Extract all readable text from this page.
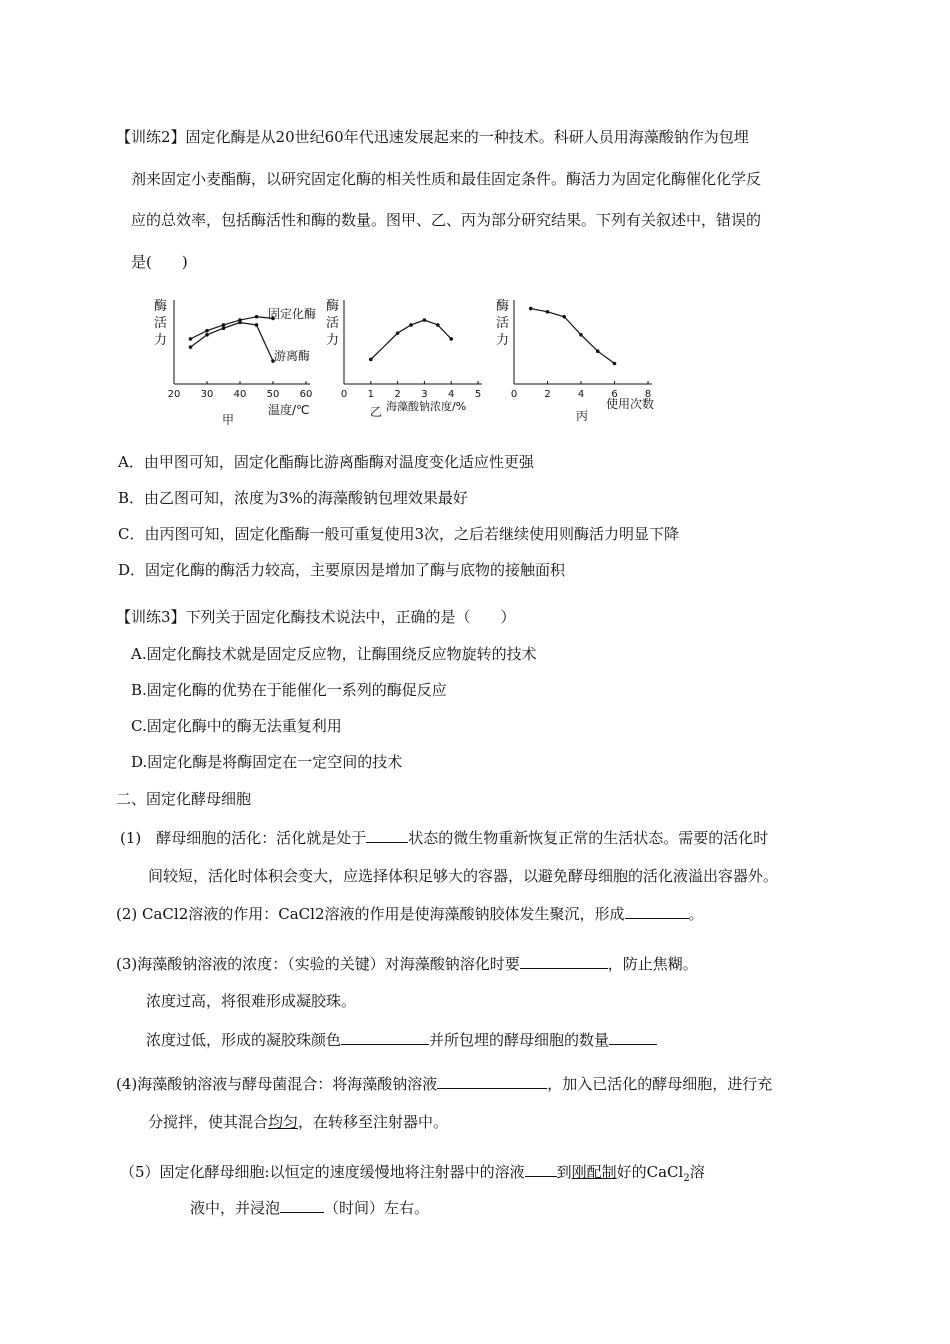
【训练2】固定化酶是从20世纪60年代迅速发展起来的一种技术。科研人员用海藻酸钠作为包埋
剂来固定小麦酯酶，以研究固定化酶的相关性质和最佳固定条件。酶活力为固定化酶催化化学反
应的总效率，包括酶活性和酶的数量。图甲、乙、丙为部分研究结果。下列有关叙述中，错误的
是(　　)
酶活力
20 30 40 50 60
固定化酶
游离酶
温度/℃
甲
酶活力
0 1 2 3 4 5
乙 海藻酸钠浓度/%
酶活力
0	2	4	6	8
丙
使用次数
A．由甲图可知，固定化酯酶比游离酯酶对温度变化适应性更强
B．由乙图可知，浓度为3%的海藻酸钠包埋效果最好
C．由丙图可知，固定化酯酶一般可重复使用3次，之后若继续使用则酶活力明显下降
D．固定化酶的酶活力较高，主要原因是增加了酶与底物的接触面积
【训练3】下列关于固定化酶技术说法中，正确的是（　　）
A.固定化酶技术就是固定反应物，让酶围绕反应物旋转的技术
B.固定化酶的优势在于能催化一系列的酶促反应
C.固定化酶中的酶无法重复利用
D.固定化酶是将酶固定在一定空间的技术
二、固定化酵母细胞
(1)　酵母细胞的活化：活化就是处于	状态的微生物重新恢复正常的生活状态。需要的活化时
间较短，活化时体积会变大，应选择体积足够大的容器，以避免酵母细胞的活化液溢出容器外。
(2) CaCl2溶液的作用：CaCl2溶液的作用是使海藻酸钠胶体发生聚沉，形成	。
(3)海藻酸钠溶液的浓度：（实验的关键）对海藻酸钠溶化时要	，防止焦糊。
浓度过高，将很难形成凝胶珠。
浓度过低，形成的凝胶珠颜色	并所包埋的酵母细胞的数量
(4)海藻酸钠溶液与酵母菌混合：将海藻酸钠溶液	，加入已活化的酵母细胞，进行充
分搅拌，使其混合均匀，在转移至注射器中。
（5）固定化酵母细胞:以恒定的速度缓慢地将注射器中的溶液 到刚配制好的CaCl$_2$溶
液中，并浸泡	（时间）左右。
